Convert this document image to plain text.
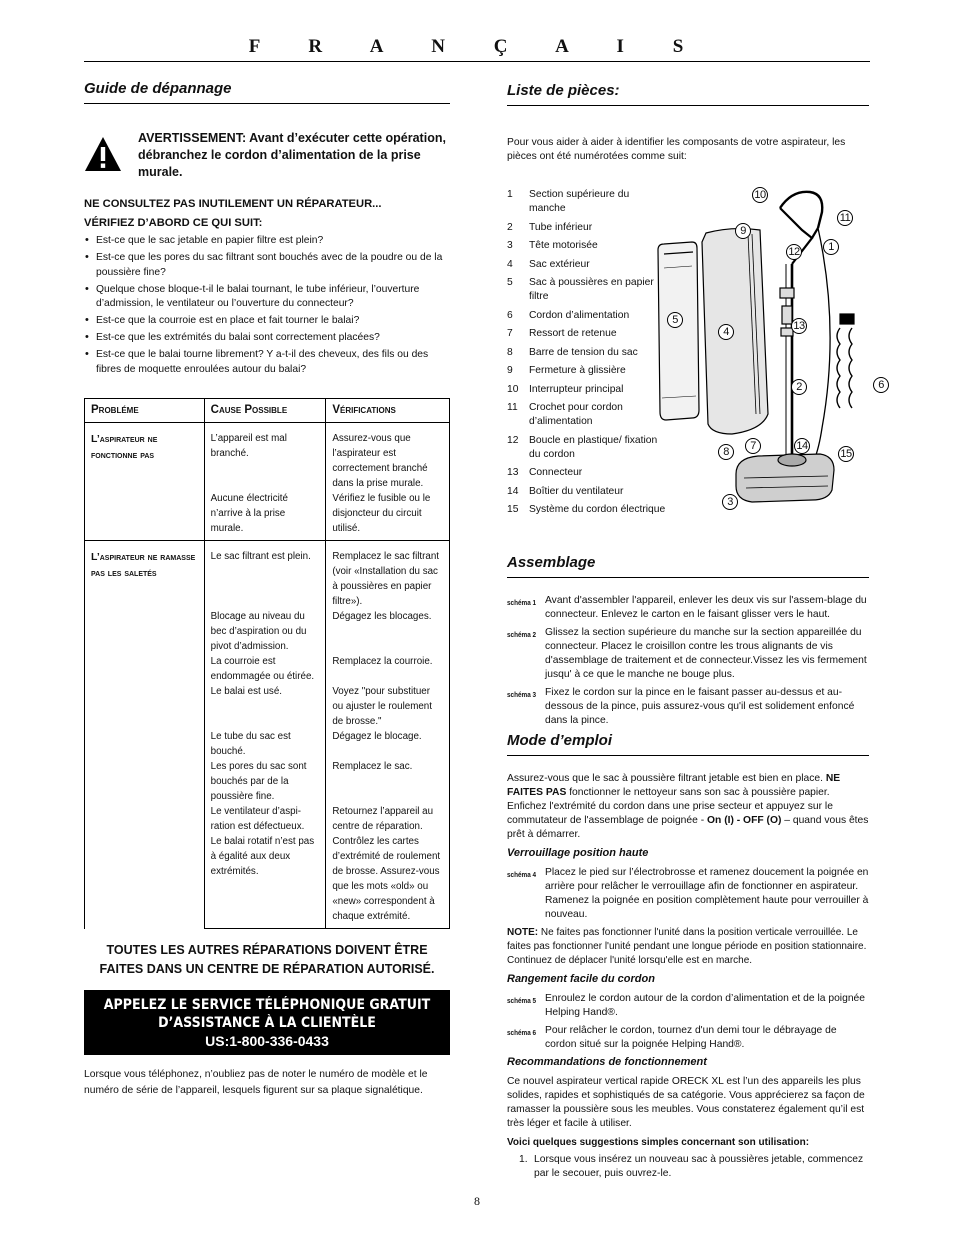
F R A N Ç A I S
Guide de dépannage
AVERTISSEMENT: Avant d’exécuter cette opération, débranchez le cordon d’alimentation de la prise murale.
NE CONSULTEZ PAS INUTILEMENT UN RÉPARATEUR...
VÉRIFIEZ D’ABORD CE QUI SUIT:
• Est-ce que le sac jetable en papier filtre est plein?
• Est-ce que les pores du sac filtrant sont bouchés avec de la poudre ou de la poussière fine?
• Quelque chose bloque-t-il le balai tournant, le tube inférieur, l’ouverture d’admission, le ventilateur ou l’ouverture du connecteur?
• Est-ce que la courroie est en place et fait tourner le balai?
• Est-ce que les extrémités du balai sont correctement placées?
• Est-ce que le balai tourne librement? Y a-t-il des cheveux, des fils ou des fibres de moquette enroulées autour du balai?
Probléme	Cause Possible	Vérifications
L’aspirateur ne fonctionne pas	L’appareil est mal branché.	Assurez-vous que l’aspirateur est correctement branché dans la prise murale.
	Aucune électricité n’arrive à la prise murale.	Vérifiez le fusible ou le disjoncteur du circuit utilisé.
L’aspirateur ne ramasse pas les saletés	Le sac filtrant est plein.	Remplacez le sac filtrant (voir «Installation du sac à poussières en papier filtre»).
	Blocage au niveau du bec d’aspiration ou du pivot d’admission.	Dégagez les blocages.
	La courroie est endommagée ou étirée.	Remplacez la courroie.
	Le balai est usé.	Voyez "pour substituer ou ajuster le roulement de brosse."
	Le tube du sac est bouché.	Dégagez le blocage.
	Les pores du sac sont bouchés par de la poussière fine.	Remplacez le sac.
	Le ventilateur d’aspi-ration est défectueux.	Retournez l’appareil au centre de réparation.
	Le balai rotatif n’est pas à égalité aux deux extrémités.	Contrôlez les cartes d’extrémité de roulement de brosse. Assurez-vous que les mots «old» ou «new» correspondent à chaque extrémité.
TOUTES LES AUTRES RÉPARATIONS DOIVENT ÊTRE FAITES DANS UN CENTRE DE RÉPARATION AUTORISÉ.
APPELEZ LE SERVICE TÉLÉPHONIQUE GRATUIT
D’ASSISTANCE À LA CLIENTÈLE
US:1-800-336-0433
Lorsque vous téléphonez, n’oubliez pas de noter le numéro de modèle et le numéro de série de l’appareil, lesquels figurent sur sa plaque signalétique.
Liste de pièces:
Pour vous aider à aider à identifier les composants de votre aspirateur, les pièces ont été numérotées comme suit:
1	Section supérieure du manche
2	Tube inférieur
3	Tête motorisée
4	Sac extérieur
5	Sac à poussières en papier filtre
6	Cordon d’alimentation
7	Ressort de retenue
8	Barre de tension du sac
9	Fermeture à glissière
10	Interrupteur principal
11	Crochet pour cordon d’alimentation
12	Boucle en plastique/ fixation du cordon
13	Connecteur
14	Boîtier du ventilateur
15	Système du cordon électrique
10
11
9
1
12
5
4	13
6
2
7	14
8	15
3
Assemblage
schéma 1 Avant d'assembler l'appareil, enlever les deux vis sur l'assem-blage du connecteur. Enlevez le carton en le faisant glisser vers le haut.
schéma 2 Glissez la section supérieure du manche sur la section appareillée du connecteur. Placez le croisillon contre les trous alignants de vis d'assemblage de traitement et de connecteur.Vissez les vis fermement jusqu' à ce que le manche ne bouge plus.
schéma 3 Fixez le cordon sur la pince en le faisant passer au-dessus et au-dessous de la pince, puis assurez-vous qu'il est solidement enfoncé dans la pince.
Mode d’emploi
Assurez-vous que le sac à poussière filtrant jetable est bien en place. NE FAITES PAS fonctionner le nettoyeur sans son sac à poussière papier. Enfichez l'extrémité du cordon dans une prise secteur et appuyez sur le commutateur de l'assemblage de poignée - On (I) - OFF (O) – quand vous êtes prêt à démarrer.
Verrouillage position haute
schéma 4 Placez le pied sur l’électrobrosse et ramenez doucement la poignée en arrière pour relâcher le verrouillage afin de fonctionner en aspirateur. Ramenez la poignée en position complètement haute pour verrouiller à nouveau.
NOTE: Ne faites pas fonctionner l'unité dans la position verticale verrouillée. Le faites pas fonctionner l'unité pendant une longue période en position stationnaire. Continuez de déplacer l'unité lorsqu'elle est en marche.
Rangement facile du cordon
schéma 5 Enroulez le cordon autour de la cordon d’alimentation et de la poignée Helping Hand®.
schéma 6 Pour relâcher le cordon, tournez d'un demi tour le débrayage de cordon situé sur la poignée Helping Hand®.
Recommandations de fonctionnement
Ce nouvel aspirateur vertical rapide ORECK XL est l’un des appareils les plus solides, rapides et sophistiqués de sa catégorie. Vous apprécierez sa façon de ramasser la poussière sous les meubles. Vous constaterez également qu’il est très léger et facile à utiliser.
Voici quelques suggestions simples concernant son utilisation:
1. Lorsque vous insérez un nouveau sac à poussières jetable, commencez par le secouer, puis ouvrez-le.
8
